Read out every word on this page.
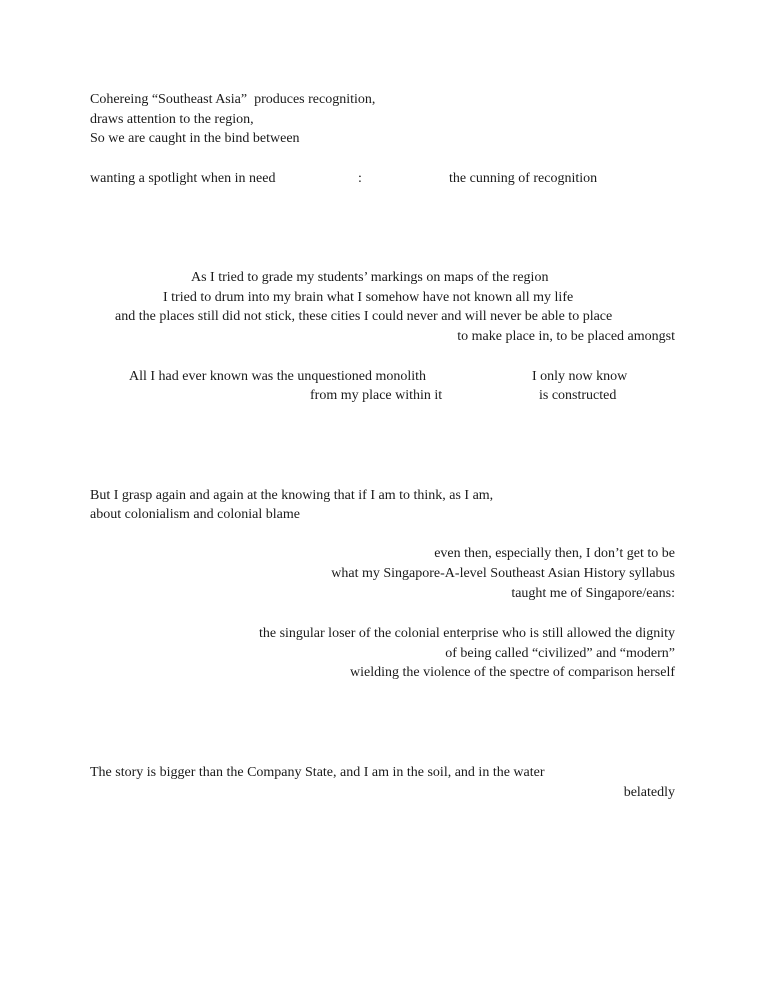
Cohereing “Southeast Asia”  produces recognition,

draws attention to the region,

So we are caught in the bind between

wanting a spotlight when in need	:	the cunning of recognition

As I tried to grade my students’ markings on maps of the region

I tried to drum into my brain what I somehow have not known all my life

and the places still did not stick, these cities I could never and will never be able to place

to make place in, to be placed amongst

All I had ever known was the unquestioned monolith	I only now know

from my place within it	is constructed

But I grasp again and again at the knowing that if I am to think, as I am,

about colonialism and colonial blame

even then, especially then, I don’t get to be

what my Singapore-A-level Southeast Asian History syllabus

taught me of Singapore/eans:

the singular loser of the colonial enterprise who is still allowed the dignity

of being called “civilized” and “modern”

wielding the violence of the spectre of comparison herself

The story is bigger than the Company State, and I am in the soil, and in the water

belatedly
